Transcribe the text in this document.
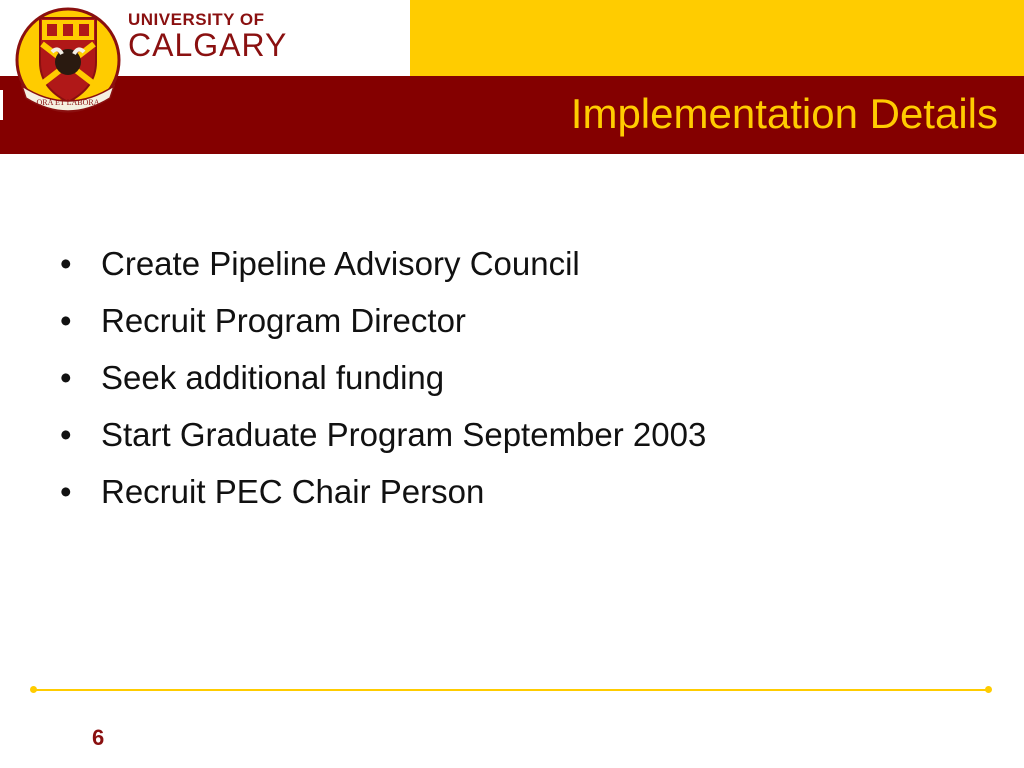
ORA ET LABORA
UNIVERSITY OF
CALGARY
Implementation Details
• Create Pipeline Advisory Council
• Recruit Program Director
• Seek additional funding
• Start Graduate Program September 2003
• Recruit PEC Chair Person
6
